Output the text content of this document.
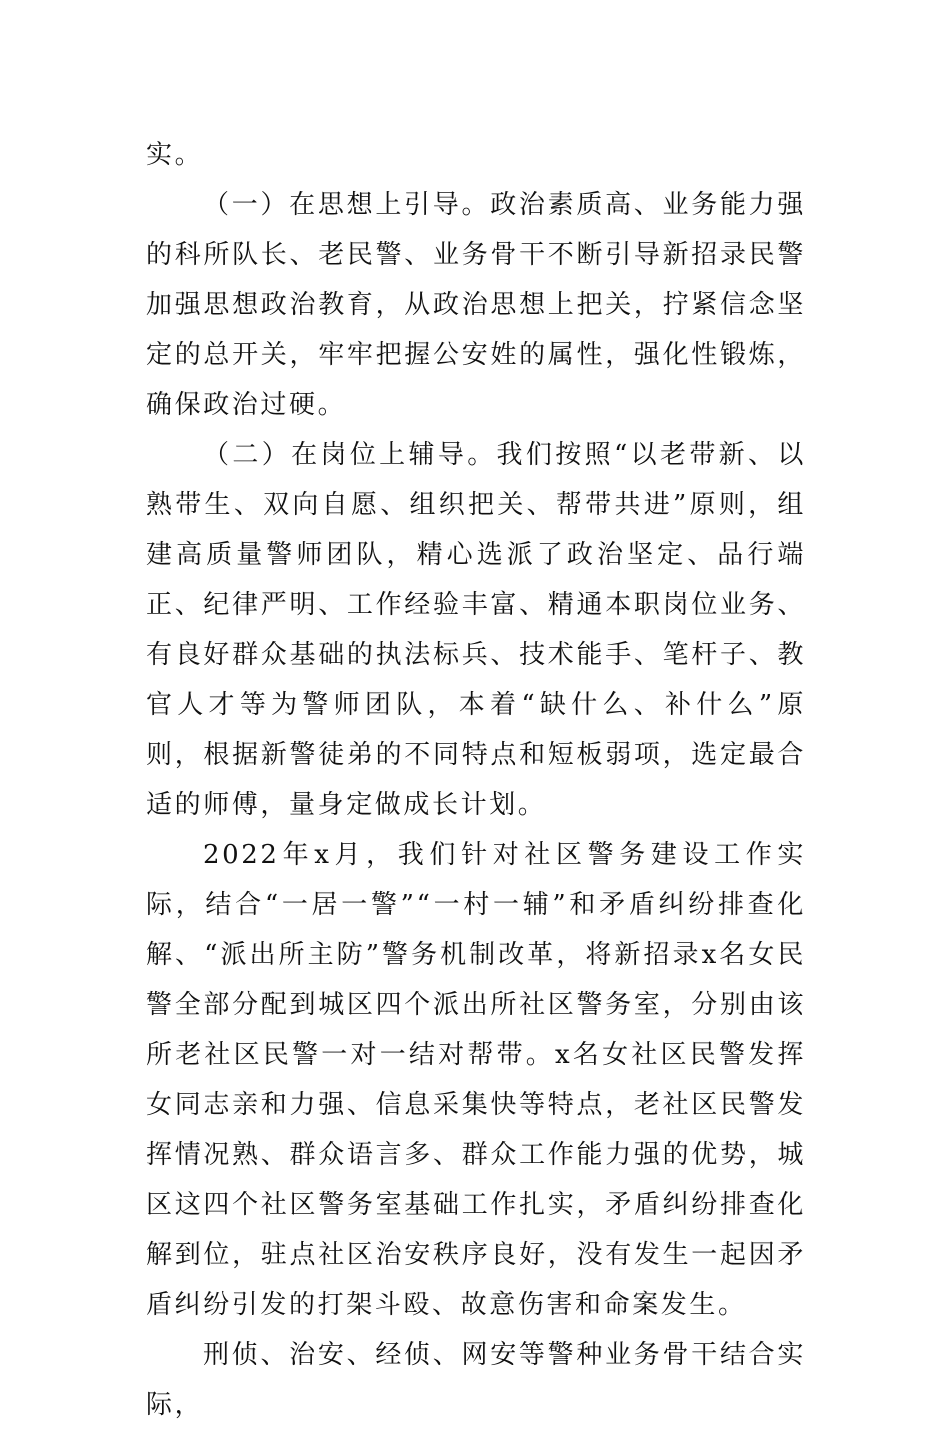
实。

（一）在思想上引导。政治素质高、业务能力强的科所队长、老民警、业务骨干不断引导新招录民警加强思想政治教育，从政治思想上把关，拧紧信念坚定的总开关，牢牢把握公安姓的属性，强化性锻炼，确保政治过硬。

（二）在岗位上辅导。我们按照“以老带新、以熟带生、双向自愿、组织把关、帮带共进”原则，组建高质量警师团队，精心选派了政治坚定、品行端正、纪律严明、工作经验丰富、精通本职岗位业务、有良好群众基础的执法标兵、技术能手、笔杆子、教官人才等为警师团队，本着“缺什么、补什么”原则，根据新警徒弟的不同特点和短板弱项，选定最合适的师傅，量身定做成长计划。

2022年x月，我们针对社区警务建设工作实际，结合“一居一警”“一村一辅”和矛盾纠纷排查化解、“派出所主防”警务机制改革，将新招录x名女民警全部分配到城区四个派出所社区警务室，分别由该所老社区民警一对一结对帮带。x名女社区民警发挥女同志亲和力强、信息采集快等特点，老社区民警发挥情况熟、群众语言多、群众工作能力强的优势，城区这四个社区警务室基础工作扎实，矛盾纠纷排查化解到位，驻点社区治安秩序良好，没有发生一起因矛盾纠纷引发的打架斗殴、故意伤害和命案发生。

刑侦、治安、经侦、网安等警种业务骨干结合实际，
